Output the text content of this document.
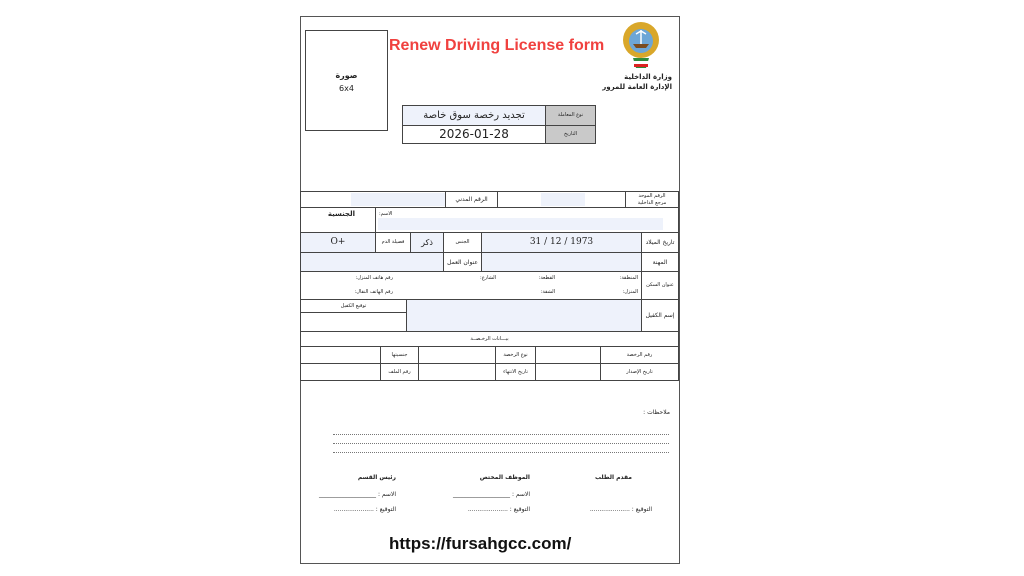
صورة
6x4
Renew Driving License form
وزارة الداخلية
الإدارة العامة للمرور
تجديد رخصة سوق خاصة	نوع المعاملة
2026-01-28	التاريخ
الرقم الموحد
مرجع الداخلية
الرقم المدني
الاسم:
الجنسية
تاريخ الميلاد
31 / 12 / 1973
الجنس
ذكر
فصيلة الدم
O+
المهنة
عنوان العمل
عنوان السكن
المنطقة:
المنزل:
القطعة:
الشقة:
الشارع:
رقم هاتف المنزل:
رقم الهاتف النقال:
إسم الكفيل
توقيع الكفيل
بيـــانات الرخـصــة
رقم الرخصة
نوع الرخصة
جنسيتها
تاريخ الإصدار
تاريخ الانتهاء
رقم الملف
ملاحظات :
مقدم الطلب
التوقيع : .....................
الموظف المختص
الاسم : ___________________
التوقيع : .....................
رئيس القسم
الاسم : ___________________
التوقيع : .....................
https://fursahgcc.com/
